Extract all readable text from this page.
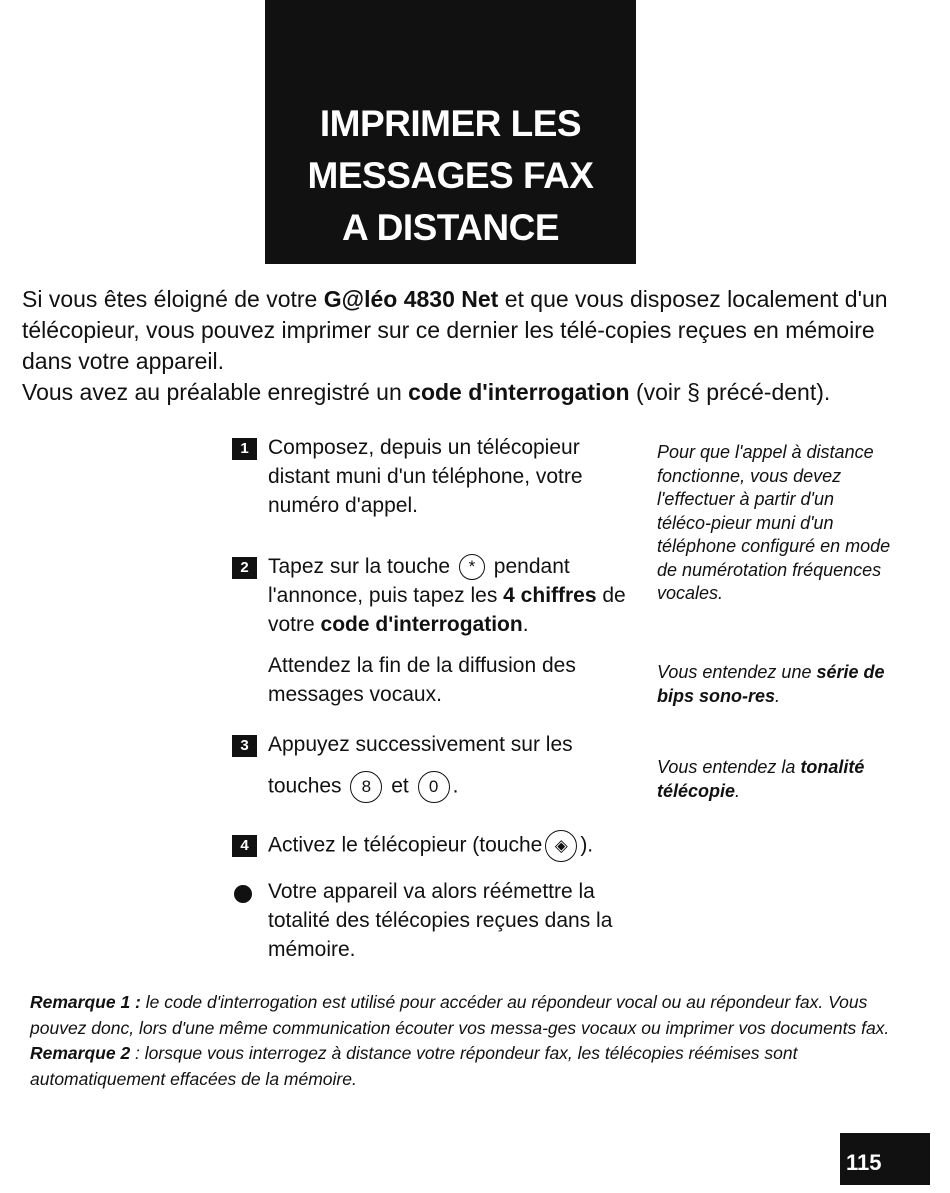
IMPRIMER LES
MESSAGES FAX
A DISTANCE

Si vous êtes éloigné de votre G@léo 4830 Net et que vous disposez localement d'un télécopieur, vous pouvez imprimer sur ce dernier les télé-copies reçues en mémoire dans votre appareil.

Vous avez au préalable enregistré un code d'interrogation (voir § précé-dent).

1 Composez, depuis un télécopieur distant muni d'un téléphone, votre numéro d'appel.
2 Tapez sur la touche * pendant l'annonce, puis tapez les 4 chiffres de votre code d'interrogation.
Attendez la fin de la diffusion des messages vocaux.
3 Appuyez successivement sur les
touches 8 et 0 .
4 Activez le télécopieur (touche ◈ ).
Votre appareil va alors réémettre la totalité des télécopies reçues dans la mémoire.
Pour que l'appel à distance fonctionne, vous devez l'effectuer à partir d'un téléco-pieur muni d'un téléphone configuré en mode de numérotation fréquences vocales.
Vous entendez une série de bips sono-res.
Vous entendez la tonalité télécopie.

Remarque 1 : le code d'interrogation est utilisé pour accéder au répondeur vocal ou au répondeur fax. Vous pouvez donc, lors d'une même communication écouter vos messa-ges vocaux ou imprimer vos documents fax.

Remarque 2 : lorsque vous interrogez à distance votre répondeur fax, les télécopies réémises sont automatiquement effacées de la mémoire.

115
